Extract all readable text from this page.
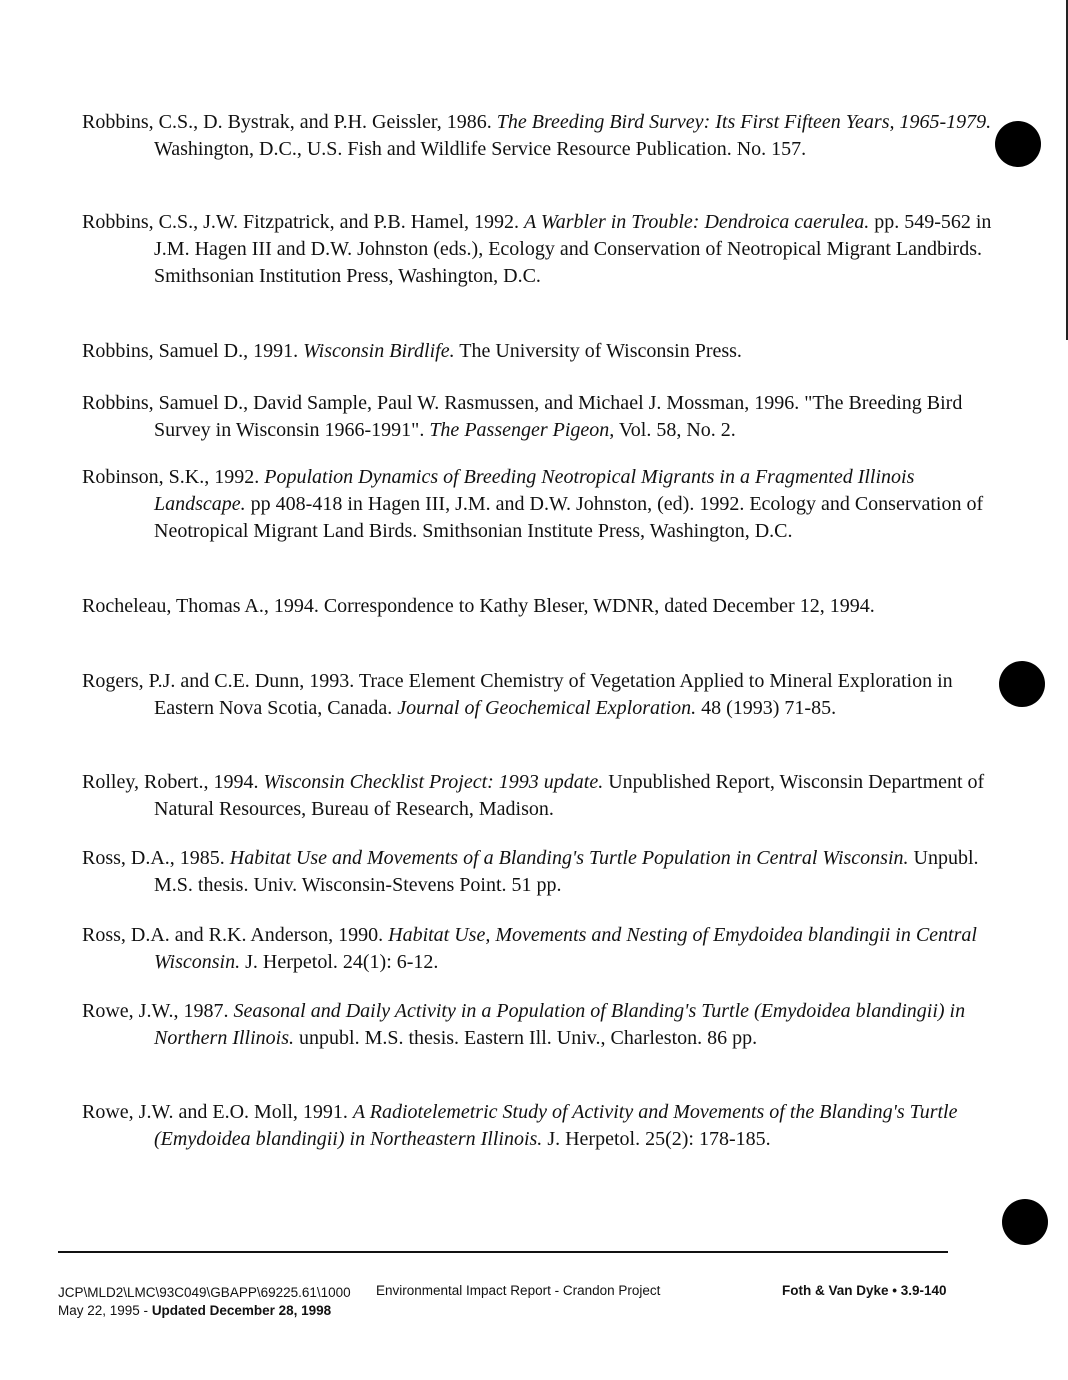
Robbins, C.S., D. Bystrak, and P.H. Geissler, 1986. The Breeding Bird Survey: Its First Fifteen Years, 1965-1979. Washington, D.C., U.S. Fish and Wildlife Service Resource Publication. No. 157.
Robbins, C.S., J.W. Fitzpatrick, and P.B. Hamel, 1992. A Warbler in Trouble: Dendroica caerulea. pp. 549-562 in J.M. Hagen III and D.W. Johnston (eds.), Ecology and Conservation of Neotropical Migrant Landbirds. Smithsonian Institution Press, Washington, D.C.
Robbins, Samuel D., 1991. Wisconsin Birdlife. The University of Wisconsin Press.
Robbins, Samuel D., David Sample, Paul W. Rasmussen, and Michael J. Mossman, 1996. "The Breeding Bird Survey in Wisconsin 1966-1991". The Passenger Pigeon, Vol. 58, No. 2.
Robinson, S.K., 1992. Population Dynamics of Breeding Neotropical Migrants in a Fragmented Illinois Landscape. pp 408-418 in Hagen III, J.M. and D.W. Johnston, (ed). 1992. Ecology and Conservation of Neotropical Migrant Land Birds. Smithsonian Institute Press, Washington, D.C.
Rocheleau, Thomas A., 1994. Correspondence to Kathy Bleser, WDNR, dated December 12, 1994.
Rogers, P.J. and C.E. Dunn, 1993. Trace Element Chemistry of Vegetation Applied to Mineral Exploration in Eastern Nova Scotia, Canada. Journal of Geochemical Exploration. 48 (1993) 71-85.
Rolley, Robert., 1994. Wisconsin Checklist Project: 1993 update. Unpublished Report, Wisconsin Department of Natural Resources, Bureau of Research, Madison.
Ross, D.A., 1985. Habitat Use and Movements of a Blanding's Turtle Population in Central Wisconsin. Unpubl. M.S. thesis. Univ. Wisconsin-Stevens Point. 51 pp.
Ross, D.A. and R.K. Anderson, 1990. Habitat Use, Movements and Nesting of Emydoidea blandingii in Central Wisconsin. J. Herpetol. 24(1): 6-12.
Rowe, J.W., 1987. Seasonal and Daily Activity in a Population of Blanding's Turtle (Emydoidea blandingii) in Northern Illinois. unpubl. M.S. thesis. Eastern Ill. Univ., Charleston. 86 pp.
Rowe, J.W. and E.O. Moll, 1991. A Radiotelemetric Study of Activity and Movements of the Blanding's Turtle (Emydoidea blandingii) in Northeastern Illinois. J. Herpetol. 25(2): 178-185.
JCP\MLD2\LMC\93C049\GBAPP\69225.61\1000
May 22, 1995 - Updated December 28, 1998
Environmental Impact Report - Crandon Project	Foth & Van Dyke • 3.9-140
